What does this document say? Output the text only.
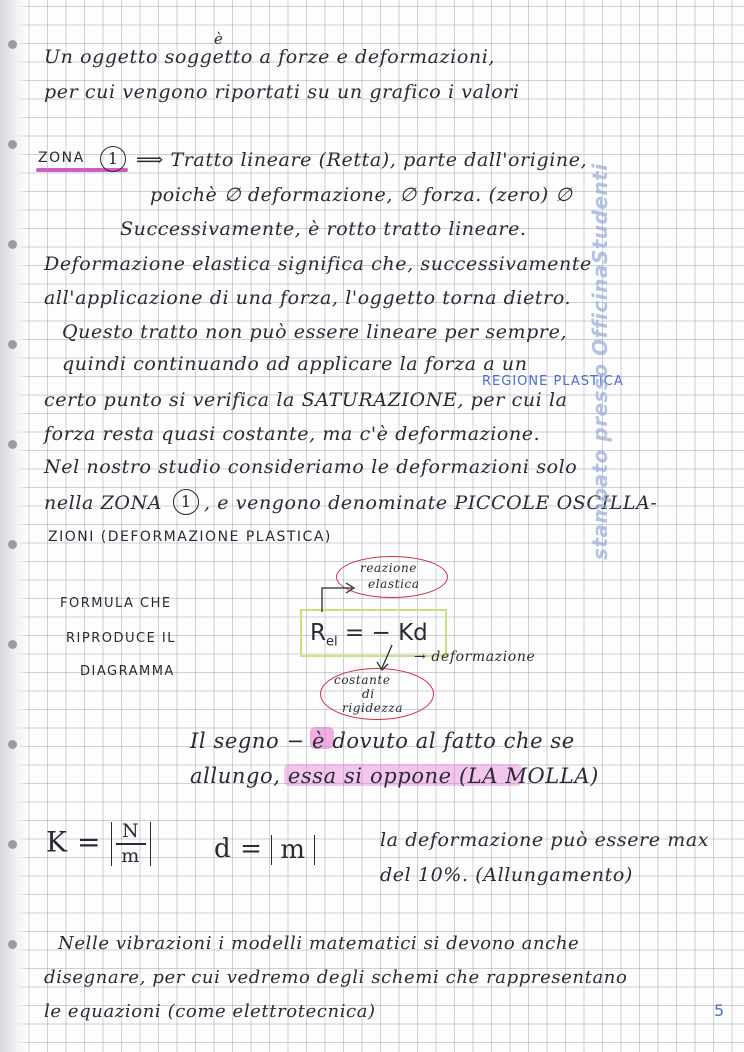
Un oggetto soggetto a forze e deformazioni,
è
per cui vengono riportati su un grafico i valori
ZONA	1 ⟹ Tratto lineare (Retta), parte dall'origine,
poichè ∅ deformazione, ∅ forza. (zero) ∅
Successivamente, è rotto tratto lineare.
Deformazione elastica significa che, successivamente
all'applicazione di una forza, l'oggetto torna dietro.
Questo tratto non può essere lineare per sempre,
quindi continuando ad applicare la forza a un
REGIONE PLASTICA
certo punto si verifica la SATURAZIONE, per cui la
forza resta quasi costante, ma c'è deformazione.
Nel nostro studio consideriamo le deformazioni solo
nella ZONA	1 , e vengono denominate PICCOLE OSCILLA-
ZIONI (DEFORMAZIONE PLASTICA)
FORMULA CHE
RIPRODUCE IL
DIAGRAMMA
reazione
elastica
$R_{el}$ = − Kd
→ deformazione
costante
di
rigidezza
Il segno − è dovuto al fatto che se
allungo, essa si oppone (LA MOLLA)
$K = \frac{N}{m}$	d = m	la deformazione può essere max
del 10%. (Allungamento)
Nelle vibrazioni i modelli matematici si devono anche
disegnare, per cui vedremo degli schemi che rappresentano
le equazioni (come elettrotecnica)
stampato presso OfficinaStudenti
5
